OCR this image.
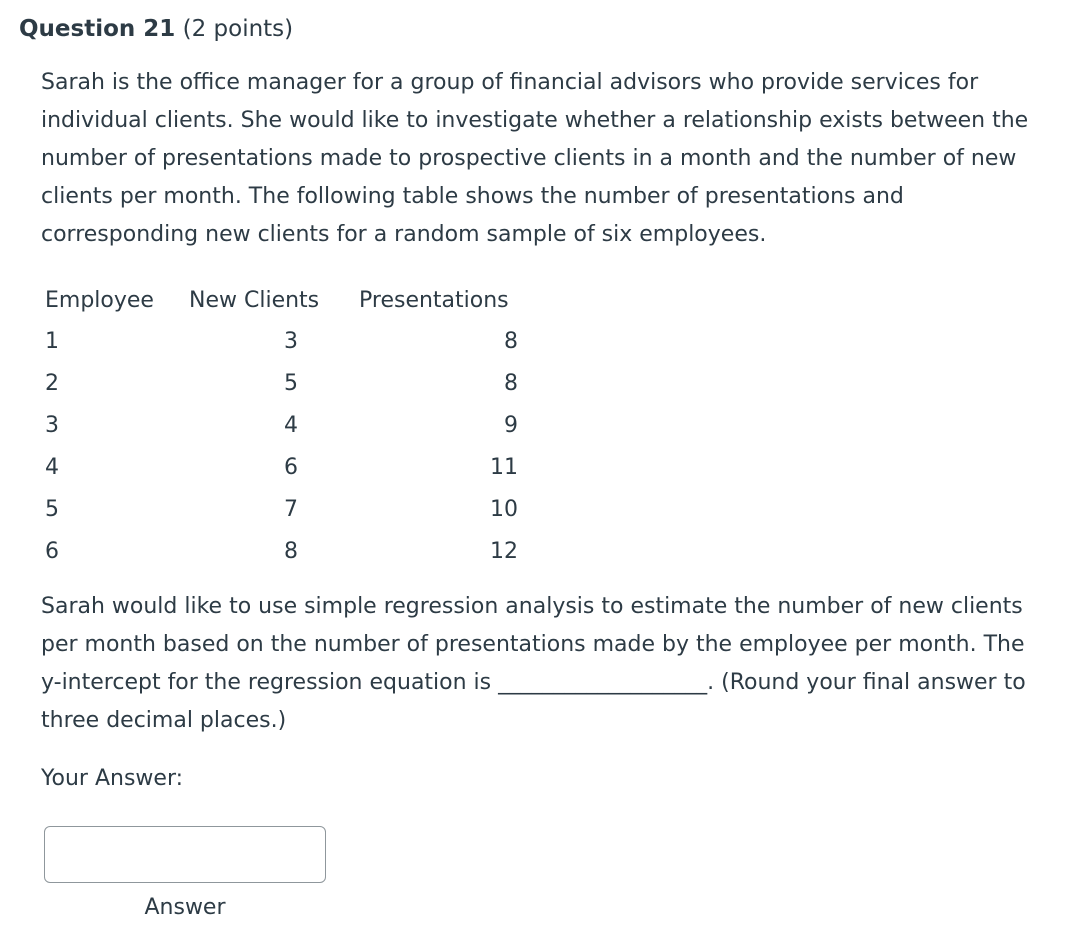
Question 21 (2 points)

Sarah is the office manager for a group of financial advisors who provide services for individual clients. She would like to investigate whether a relationship exists between the number of presentations made to prospective clients in a month and the number of new clients per month. The following table shows the number of presentations and corresponding new clients for a random sample of six employees.

Employee	New Clients	Presentations
1	3	8
2	5	8
3	4	9
4	6	11
5	7	10
6	8	12

Sarah would like to use simple regression analysis to estimate the number of new clients per month based on the number of presentations made by the employee per month. The y-intercept for the regression equation is ___________________. (Round your final answer to three decimal places.)

Your Answer:
Answer
